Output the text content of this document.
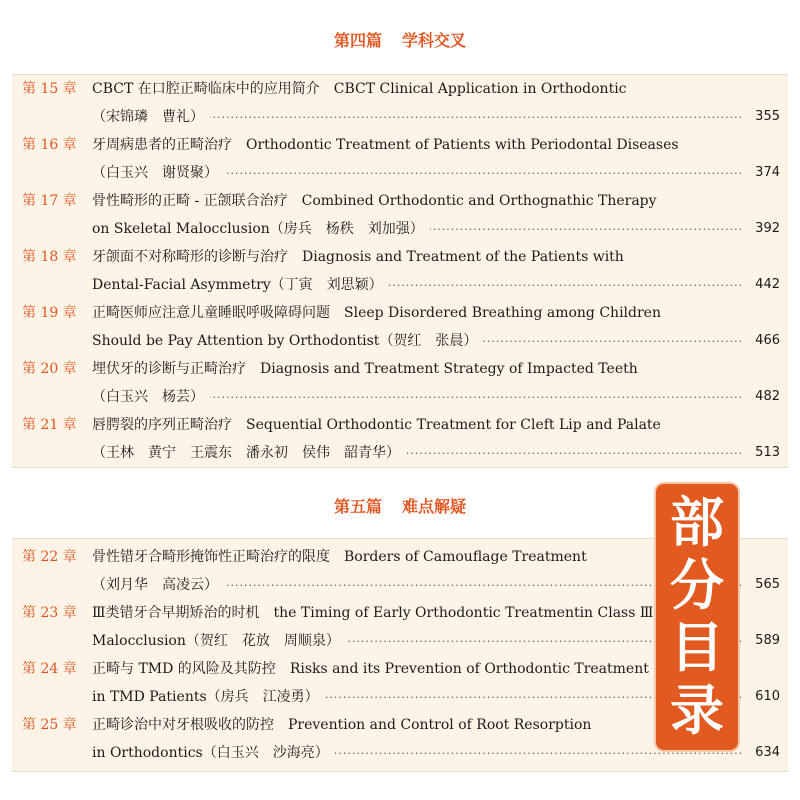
第四篇 学科交叉
第 15 章 CBCT 在口腔正畸临床中的应用简介 CBCT Clinical Application in Orthodontic
·····
（宋锦璘　曹礼）	355
第 16 章 牙周病患者的正畸治疗 Orthodontic Treatment of Patients with Periodontal Diseases
·····
（白玉兴　谢贤聚）	374
第 17 章 骨性畸形的正畸 - 正颌联合治疗 Combined Orthodontic and Orthognathic Therapy
·····
on Skeletal Malocclusion（房兵　杨秩　刘加强）	392
第 18 章 牙颌面不对称畸形的诊断与治疗 Diagnosis and Treatment of the Patients with
·····
Dental-Facial Asymmetry（丁寅　刘思颖）	442
第 19 章 正畸医师应注意儿童睡眠呼吸障碍问题 Sleep Disordered Breathing among Children
·····
Should be Pay Attention by Orthodontist（贺红　张晨）	466
第 20 章 埋伏牙的诊断与正畸治疗 Diagnosis and Treatment Strategy of Impacted Teeth
·····
（白玉兴　杨芸）	482
第 21 章 唇腭裂的序列正畸治疗 Sequential Orthodontic Treatment for Cleft Lip and Palate
·····
（王林　黄宁　王震东　潘永初　侯伟　韶青华）	513
第五篇 难点解疑
第 22 章 骨性错牙合畸形掩饰性正畸治疗的限度 Borders of Camouflage Treatment
·····
（刘月华　高凌云）	565
第 23 章 Ⅲ类错牙合早期矫治的时机 the Timing of Early Orthodontic Treatmentin Class Ⅲ
·····
Malocclusion（贺红　花放　周顺泉）	589
第 24 章 正畸与 TMD 的风险及其防控 Risks and its Prevention of Orthodontic Treatment
·····
in TMD Patients（房兵　江凌勇）	610
第 25 章 正畸诊治中对牙根吸收的防控 Prevention and Control of Root Resorption
·····
in Orthodontics（白玉兴　沙海亮）	634
部
分
目
录
